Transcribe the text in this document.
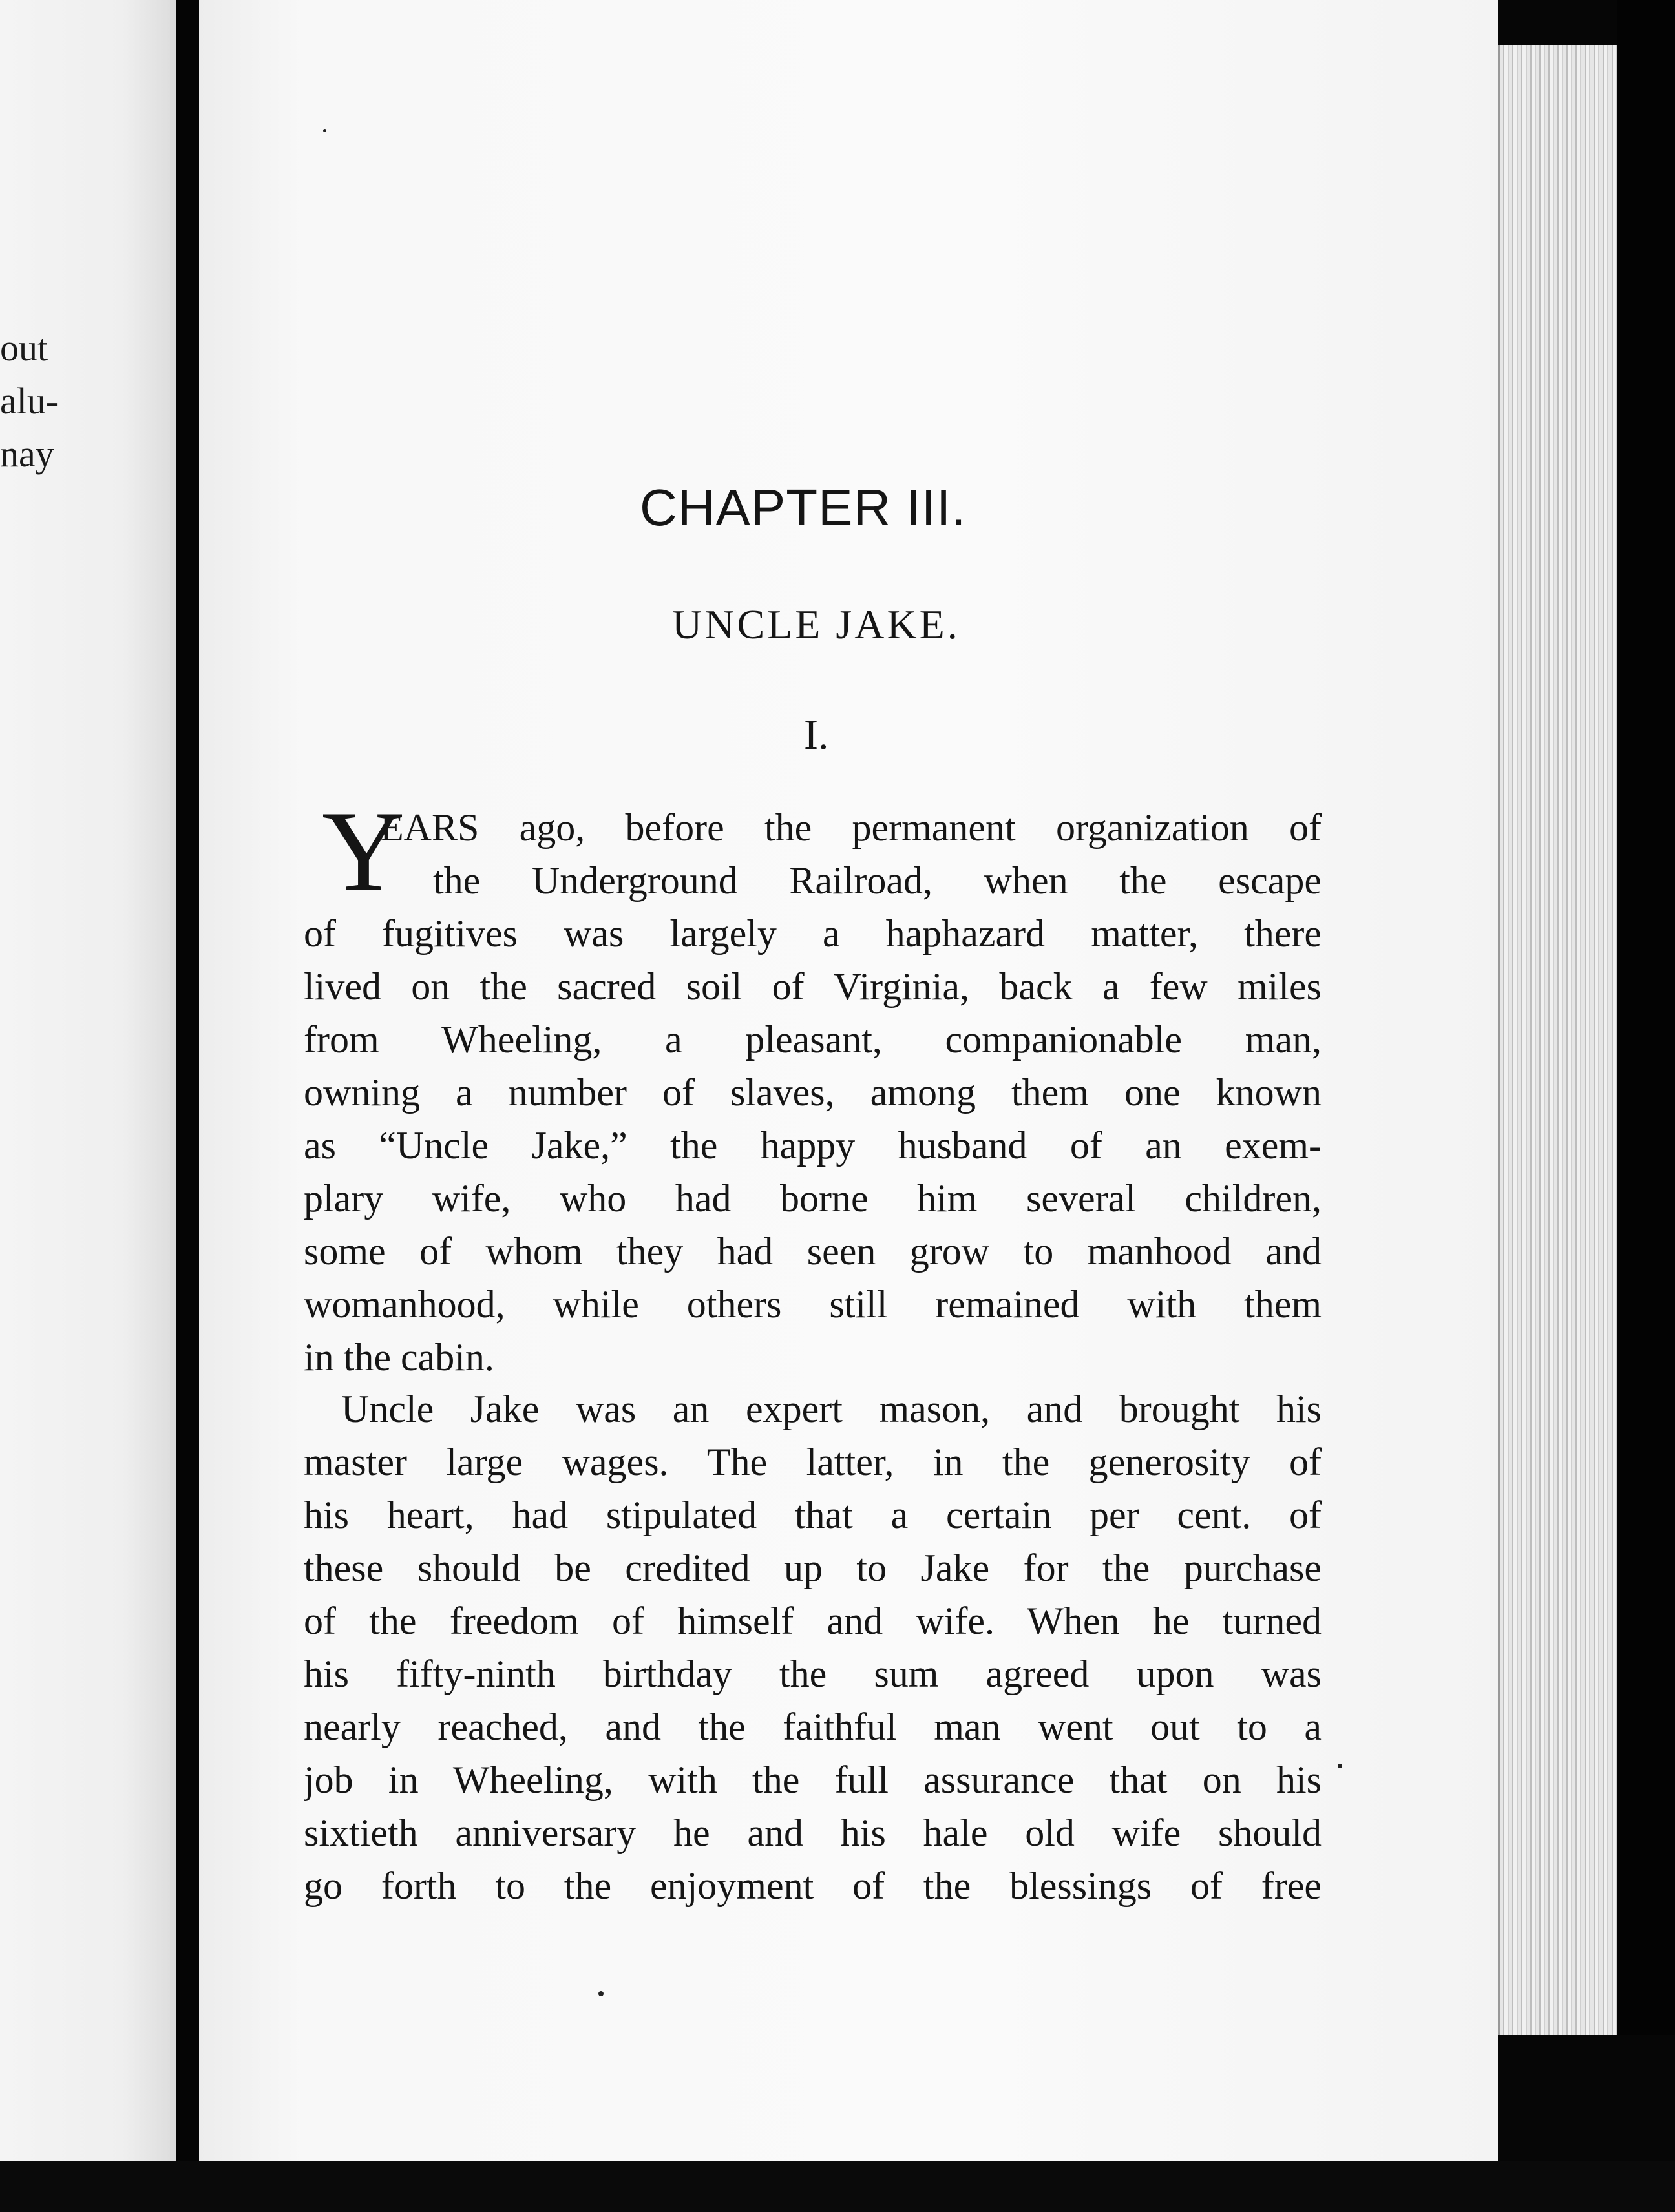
out
alu-
nay
CHAPTER III.
UNCLE JAKE.
I.
Y
EARS ago, before the permanent organization of
the Underground Railroad, when the escape
of fugitives was largely a haphazard matter, there
lived on the sacred soil of Virginia, back a few miles
from Wheeling, a pleasant, companionable man,
owning a number of slaves, among them one known
as “Uncle Jake,” the happy husband of an exem-
plary wife, who had borne him several children,
some of whom they had seen grow to manhood and
womanhood, while others still remained with them
in the cabin.
Uncle Jake was an expert mason, and brought his
master large wages. The latter, in the generosity of
his heart, had stipulated that a certain per cent. of
these should be credited up to Jake for the purchase
of the freedom of himself and wife. When he turned
his fifty-ninth birthday the sum agreed upon was
nearly reached, and the faithful man went out to a
job in Wheeling, with the full assurance that on his
sixtieth anniversary he and his hale old wife should
go forth to the enjoyment of the blessings of free
